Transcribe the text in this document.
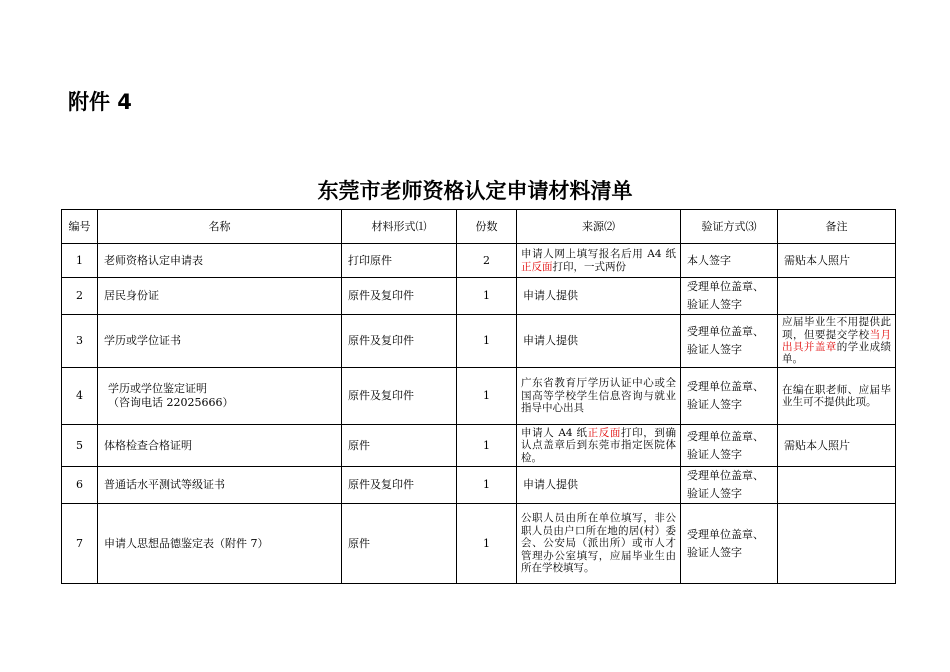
附件 4
东莞市老师资格认定申请材料清单
编号	名称	材料形式⑴	份数	来源⑵	验证方式⑶	备注
1	老师资格认定申请表	打印原件	2	申请人网上填写报名后用 A4 纸正反面打印，一式两份	本人签字	需贴本人照片
2	居民身份证	原件及复印件	1	申请人提供	受理单位盖章、验证人签字	
3	学历或学位证书	原件及复印件	1	申请人提供	受理单位盖章、验证人签字	应届毕业生不用提供此项，但要提交学校当月出具并盖章的学业成绩单。
4	学历或学位鉴定证明
（咨询电话 22025666）	原件及复印件	1	广东省教育厅学历认证中心或全国高等学校学生信息咨询与就业指导中心出具	受理单位盖章、验证人签字	在编在职老师、应届毕业生可不提供此项。
5	体格检查合格证明	原件	1	申请人 A4 纸正反面打印，到确认点盖章后到东莞市指定医院体检。	受理单位盖章、验证人签字	需贴本人照片
6	普通话水平测试等级证书	原件及复印件	1	申请人提供	受理单位盖章、验证人签字	
7	申请人思想品德鉴定表（附件 7）	原件	1	公职人员由所在单位填写，非公职人员由户口所在地的居(村）委会、公安局（派出所）或市人才管理办公室填写，应届毕业生由所在学校填写。	受理单位盖章、验证人签字	
